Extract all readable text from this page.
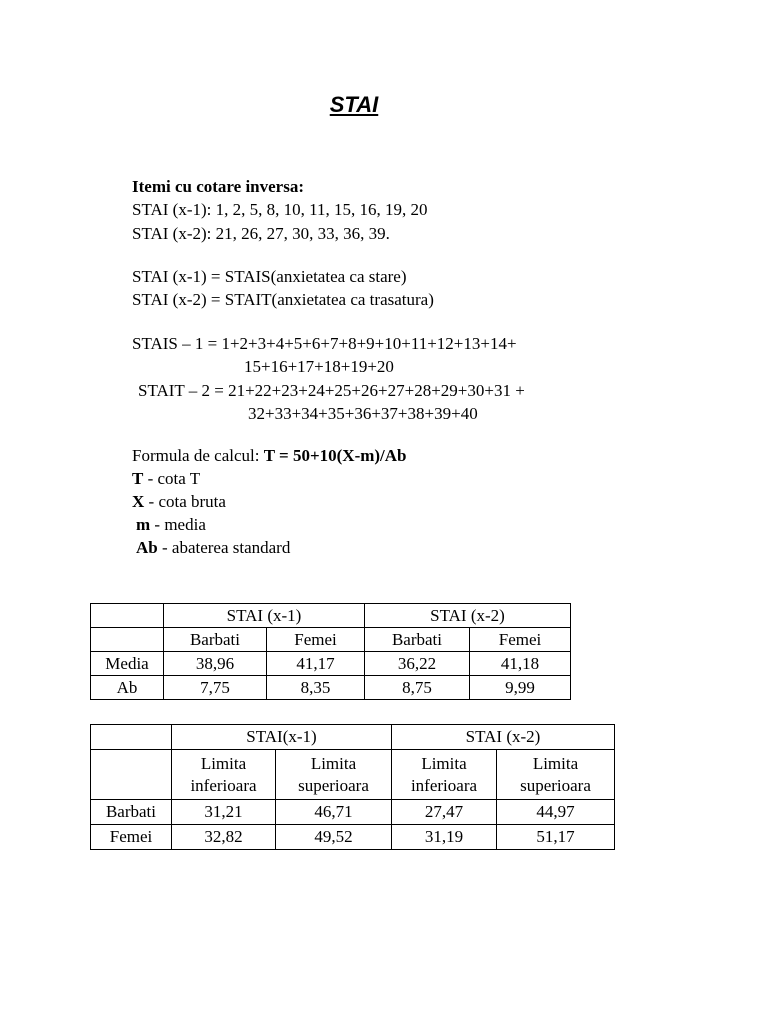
STAI
Itemi cu cotare inversa:
STAI (x-1): 1, 2, 5, 8, 10, 11, 15, 16, 19, 20
STAI (x-2): 21, 26, 27, 30, 33, 36, 39.
STAI (x-1) = STAIS(anxietatea ca stare)
STAI (x-2) = STAIT(anxietatea ca trasatura)
STAIS – 1 = 1+2+3+4+5+6+7+8+9+10+11+12+13+14+
15+16+17+18+19+20
STAIT – 2 = 21+22+23+24+25+26+27+28+29+30+31 +
32+33+34+35+36+37+38+39+40
Formula de calcul: T = 50+10(X-m)/Ab
T - cota T
X - cota bruta
m - media
Ab - abaterea standard
	STAI (x-1)		STAI (x-2)	
	Barbati	Femei	Barbati	Femei
Media	38,96	41,17	36,22	41,18
Ab	7,75	8,35	8,75	9,99
	STAI(x-1)		STAI (x-2)	
	Limita
inferioara	Limita
superioara	Limita
inferioara	Limita
superioara
Barbati	31,21	46,71	27,47	44,97
Femei	32,82	49,52	31,19	51,17
